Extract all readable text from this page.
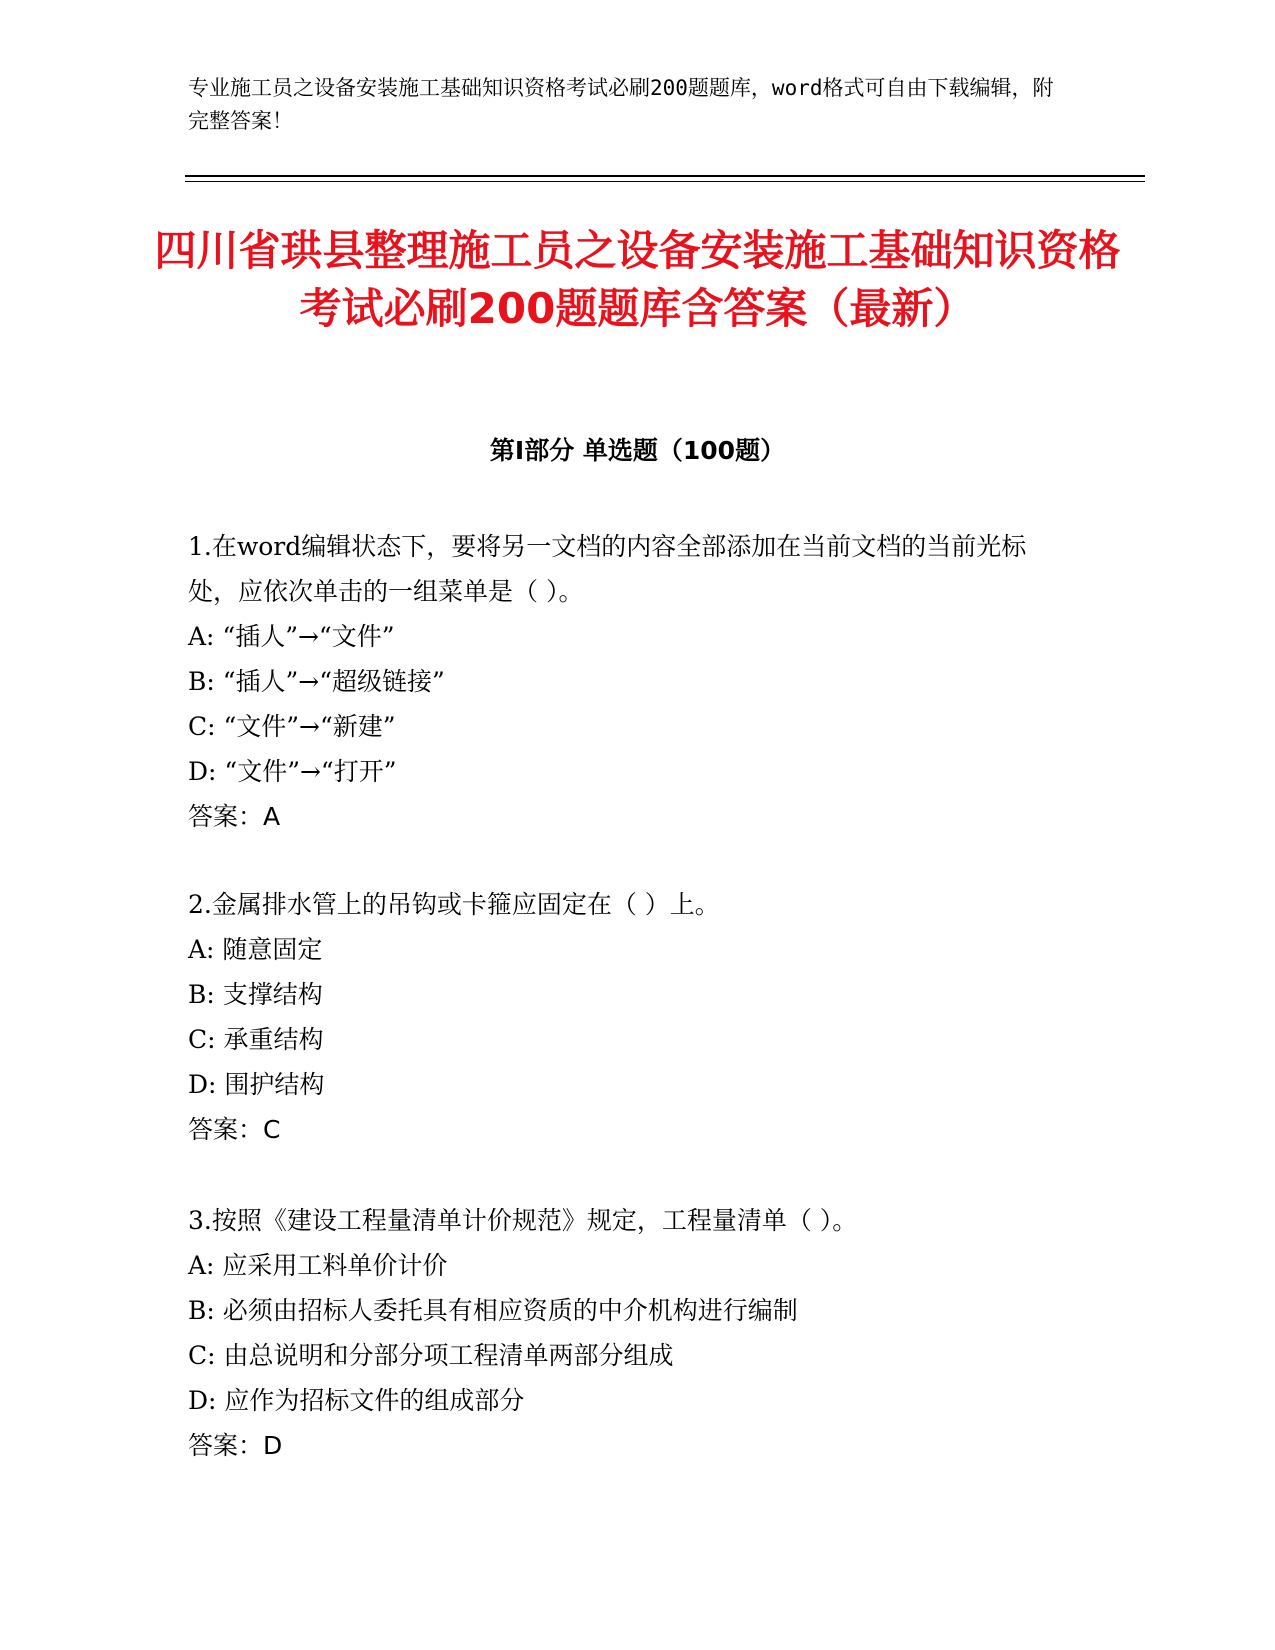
专业施工员之设备安装施工基础知识资格考试必刷200题题库，word格式可自由下载编辑，附完整答案！
四川省珙县整理施工员之设备安装施工基础知识资格考试必刷200题题库含答案（最新）
第Ⅰ部分 单选题（100题）

1.在word编辑状态下，要将另一文档的内容全部添加在当前文档的当前光标处，应依次单击的一组菜单是（ ）。

A: “插人”→“文件”

B: “插人”→“超级链接”

C: “文件”→“新建”

D: “文件”→“打开”

答案：A

2.金属排水管上的吊钩或卡箍应固定在（ ）上。

A: 随意固定

B: 支撑结构

C: 承重结构

D: 围护结构

答案：C

3.按照《建设工程量清单计价规范》规定，工程量清单（ ）。

A: 应采用工料单价计价

B: 必须由招标人委托具有相应资质的中介机构进行编制

C: 由总说明和分部分项工程清单两部分组成

D: 应作为招标文件的组成部分

答案：D
